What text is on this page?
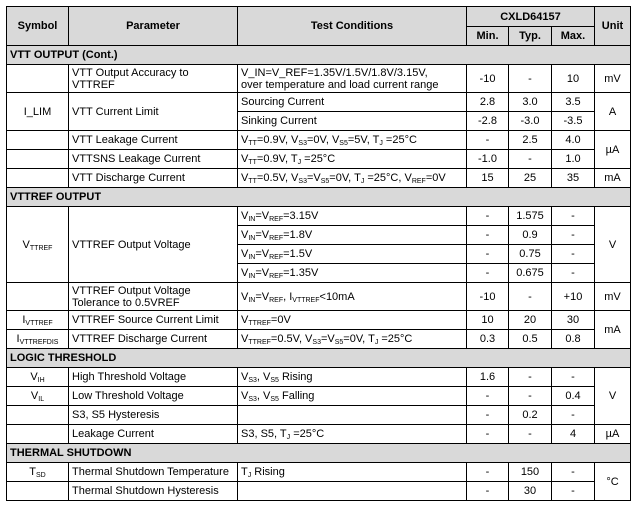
Symbol	Parameter	Test Conditions	CXLD64157			Unit
			Min.	Typ.	Max.	
VTT OUTPUT (Cont.)						
	VTT Output Accuracy to VTTREF	V_IN=V_REF=1.35V/1.5V/1.8V/3.15V,
over temperature and load current range	-10	-	10	mV
I_LIM	VTT Current Limit	Sourcing Current	2.8	3.0	3.5	A
		Sinking Current	-2.8	-3.0	-3.5	
	VTT Leakage Current	$V_{TT}=0.9V$, $V_{S3}=0V$, $V_{S5}=5V$, $T_J =25^\circ C$	-	2.5	4.0	µA
	VTTSNS Leakage Current	$V_{TT}=0.9V$, $T_J =25^\circ C$	-1.0	-	1.0	
	VTT Discharge Current	$V_{TT}=0.5V$, $V_{S3}=V_{S5}=0V$, $T_J =25^\circ C$, $V_{REF}=0V$	15	25	35	mA
VTTREF OUTPUT						
$V_{TTREF}$	VTTREF Output Voltage	$V_{IN}=V_{REF}=3.15V$	-	1.575	-	V
		$V_{IN}=V_{REF}=1.8V$	-	0.9	-	
		$V_{IN}=V_{REF}=1.5V$	-	0.75	-	
		$V_{IN}=V_{REF}=1.35V$	-	0.675	-	

	VTTREF Output Voltage
Tolerance to 0.5VREF	$V_{IN}=V_{REF}$, $I_{VTTREF}<10mA$	-10	-	+10	mV
$I_{VTTREF}$	VTTREF Source Current Limit	$V_{TTREF}=0V$	10	20	30	mA
$I_{VTTREFDIS}$	VTTREF Discharge Current	$V_{TTREF}=0.5V$, $V_{S3}=V_{S5}=0V$, $T_J =25^\circ C$	0.3	0.5	0.8	
LOGIC THRESHOLD						
$V_{IH}$	High Threshold Voltage	$V_{S3}$, $V_{S5}$ Rising	1.6	-	-	V
$V_{IL}$	Low Threshold Voltage	$V_{S3}$, $V_{S5}$ Falling	-	-	0.4	
	S3, S5 Hysteresis		-	0.2	-	
	Leakage Current	S3, S5, $T_J =25^\circ C$	-	-	4	µA
THERMAL SHUTDOWN						
$T_{SD}$	Thermal Shutdown Temperature	$T_J$ Rising	-	150	-	°C
	Thermal Shutdown Hysteresis		-	30	-	
